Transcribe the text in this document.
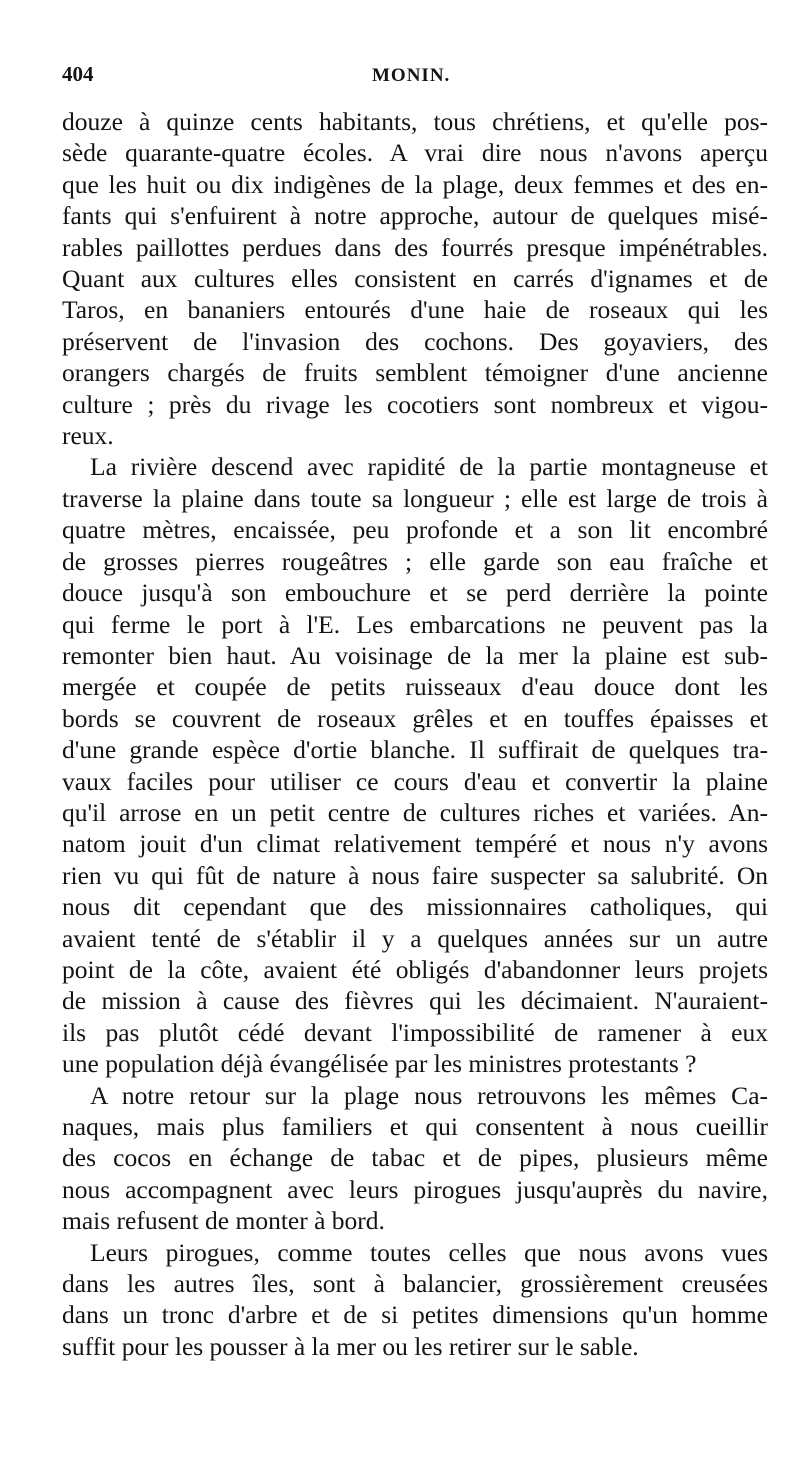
404	MONIN.
douze à quinze cents habitants, tous chrétiens, et qu'elle pos-
sède quarante-quatre écoles. A vrai dire nous n'avons aperçu
que les huit ou dix indigènes de la plage, deux femmes et des en-
fants qui s'enfuirent à notre approche, autour de quelques misé-
rables paillottes perdues dans des fourrés presque impénétrables.
Quant aux cultures elles consistent en carrés d'ignames et de
Taros, en bananiers entourés d'une haie de roseaux qui les
préservent de l'invasion des cochons. Des goyaviers, des
orangers chargés de fruits semblent témoigner d'une ancienne
culture ; près du rivage les cocotiers sont nombreux et vigou-
reux.
La rivière descend avec rapidité de la partie montagneuse et
traverse la plaine dans toute sa longueur ; elle est large de trois à
quatre mètres, encaissée, peu profonde et a son lit encombré
de grosses pierres rougeâtres ; elle garde son eau fraîche et
douce jusqu'à son embouchure et se perd derrière la pointe
qui ferme le port à l'E. Les embarcations ne peuvent pas la
remonter bien haut. Au voisinage de la mer la plaine est sub-
mergée et coupée de petits ruisseaux d'eau douce dont les
bords se couvrent de roseaux grêles et en touffes épaisses et
d'une grande espèce d'ortie blanche. Il suffirait de quelques tra-
vaux faciles pour utiliser ce cours d'eau et convertir la plaine
qu'il arrose en un petit centre de cultures riches et variées. An-
natom jouit d'un climat relativement tempéré et nous n'y avons
rien vu qui fût de nature à nous faire suspecter sa salubrité. On
nous dit cependant que des missionnaires catholiques, qui
avaient tenté de s'établir il y a quelques années sur un autre
point de la côte, avaient été obligés d'abandonner leurs projets
de mission à cause des fièvres qui les décimaient. N'auraient-
ils pas plutôt cédé devant l'impossibilité de ramener à eux
une population déjà évangélisée par les ministres protestants ?
A notre retour sur la plage nous retrouvons les mêmes Ca-
naques, mais plus familiers et qui consentent à nous cueillir
des cocos en échange de tabac et de pipes, plusieurs même
nous accompagnent avec leurs pirogues jusqu'auprès du navire,
mais refusent de monter à bord.
Leurs pirogues, comme toutes celles que nous avons vues
dans les autres îles, sont à balancier, grossièrement creusées
dans un tronc d'arbre et de si petites dimensions qu'un homme
suffit pour les pousser à la mer ou les retirer sur le sable.
